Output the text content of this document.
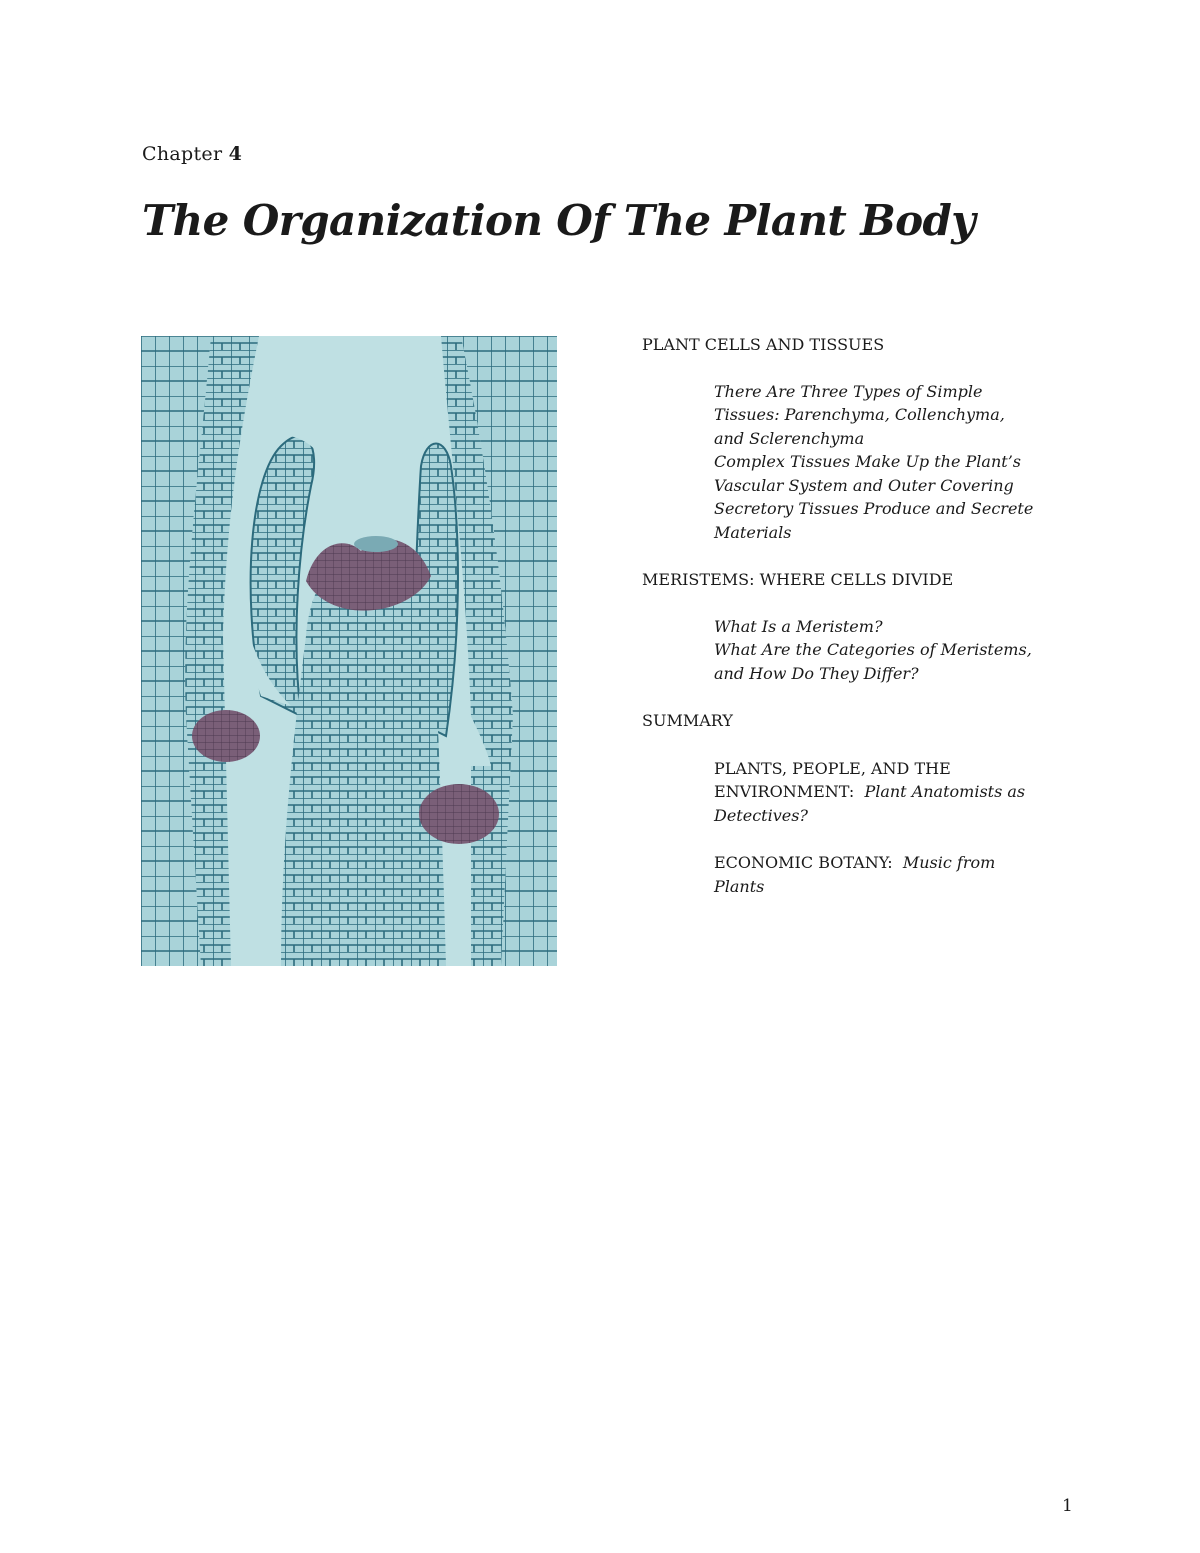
Chapter 4
The Organization Of The Plant Body

PLANT CELLS AND TISSUES

There Are Three Types of Simple
Tissues: Parenchyma, Collenchyma,
and Sclerenchyma
Complex Tissues Make Up the Plant’s
Vascular System and Outer Covering
Secretory Tissues Produce and Secrete
Materials

MERISTEMS: WHERE CELLS DIVIDE

What Is a Meristem?
What Are the Categories of Meristems,
and How Do They Differ?

SUMMARY

PLANTS, PEOPLE, AND THE
ENVIRONMENT: Plant Anatomists as
Detectives?
ECONOMIC BOTANY: Music from
Plants
1
